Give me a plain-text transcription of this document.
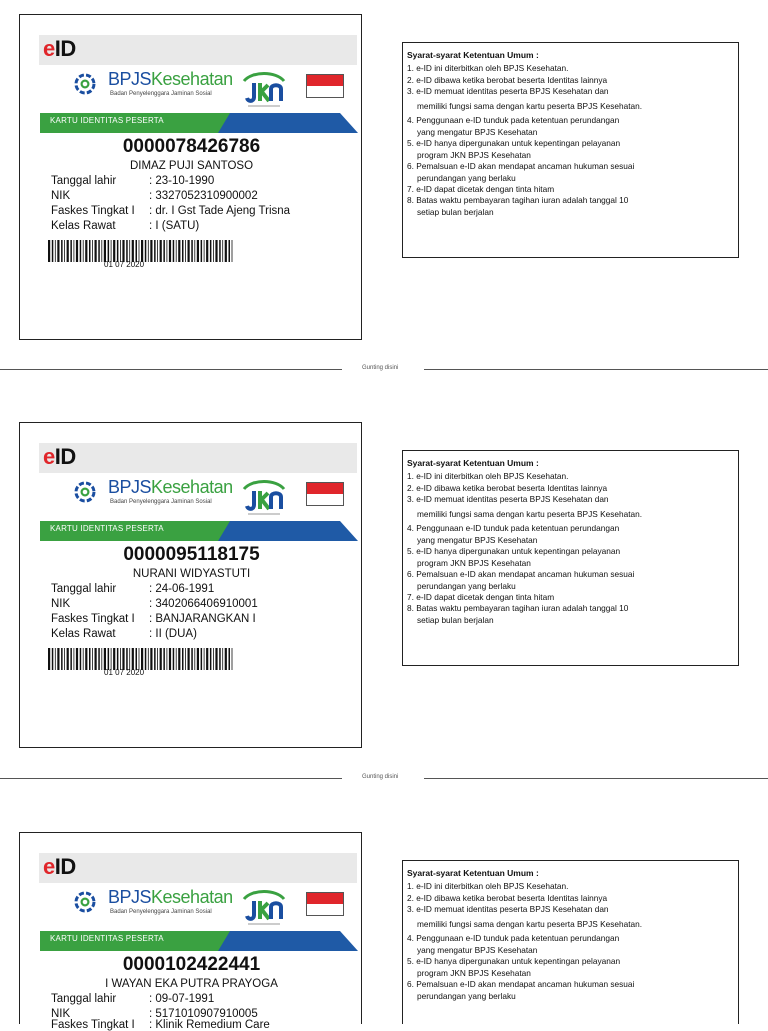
eID
BPJSKesehatan
Badan Penyelenggara Jaminan Sosial
KARTU IDENTITAS PESERTA
0000078426786
DIMAZ PUJI SANTOSO
Tanggal lahir	: 23-10-1990
NIK	: 3327052310900002
Faskes Tingkat I : dr. I Gst Tade Ajeng Trisna
Kelas Rawat	: I (SATU)
01 07 2020
Syarat-syarat Ketentuan Umum :
1. e-ID ini diterbitkan oleh BPJS Kesehatan.
2. e-ID dibawa ketika berobat beserta Identitas lainnya
3. e-ID memuat identitas peserta BPJS Kesehatan dan
memiliki fungsi sama dengan kartu peserta BPJS Kesehatan.
4. Penggunaan e-ID tunduk pada ketentuan perundangan
yang mengatur BPJS Kesehatan
5. e-ID hanya dipergunakan untuk kepentingan pelayanan
program JKN BPJS Kesehatan
6. Pemalsuan e-ID akan mendapat ancaman hukuman sesuai
perundangan yang berlaku
7. e-ID dapat dicetak dengan tinta hitam
8. Batas waktu pembayaran tagihan iuran adalah tanggal 10
setiap bulan berjalan
Gunting disini
eID
BPJSKesehatan
Badan Penyelenggara Jaminan Sosial
KARTU IDENTITAS PESERTA
0000095118175
NURANI WIDYASTUTI
Tanggal lahir	: 24-06-1991
NIK	: 3402066406910001
Faskes Tingkat I : BANJARANGKAN I
Kelas Rawat	: II (DUA)
01 07 2020
Syarat-syarat Ketentuan Umum :
1. e-ID ini diterbitkan oleh BPJS Kesehatan.
2. e-ID dibawa ketika berobat beserta Identitas lainnya
3. e-ID memuat identitas peserta BPJS Kesehatan dan
memiliki fungsi sama dengan kartu peserta BPJS Kesehatan.
4. Penggunaan e-ID tunduk pada ketentuan perundangan
yang mengatur BPJS Kesehatan
5. e-ID hanya dipergunakan untuk kepentingan pelayanan
program JKN BPJS Kesehatan
6. Pemalsuan e-ID akan mendapat ancaman hukuman sesuai
perundangan yang berlaku
7. e-ID dapat dicetak dengan tinta hitam
8. Batas waktu pembayaran tagihan iuran adalah tanggal 10
setiap bulan berjalan
Gunting disini
eID
BPJSKesehatan
Badan Penyelenggara Jaminan Sosial
KARTU IDENTITAS PESERTA
0000102422441
I WAYAN EKA PUTRA PRAYOGA
Tanggal lahir	: 09-07-1991
NIK	: 5171010907910005
Faskes Tingkat I : Klinik Remedium Care
Syarat-syarat Ketentuan Umum :
1. e-ID ini diterbitkan oleh BPJS Kesehatan.
2. e-ID dibawa ketika berobat beserta Identitas lainnya
3. e-ID memuat identitas peserta BPJS Kesehatan dan
memiliki fungsi sama dengan kartu peserta BPJS Kesehatan.
4. Penggunaan e-ID tunduk pada ketentuan perundangan
yang mengatur BPJS Kesehatan
5. e-ID hanya dipergunakan untuk kepentingan pelayanan
program JKN BPJS Kesehatan
6. Pemalsuan e-ID akan mendapat ancaman hukuman sesuai
perundangan yang berlaku
